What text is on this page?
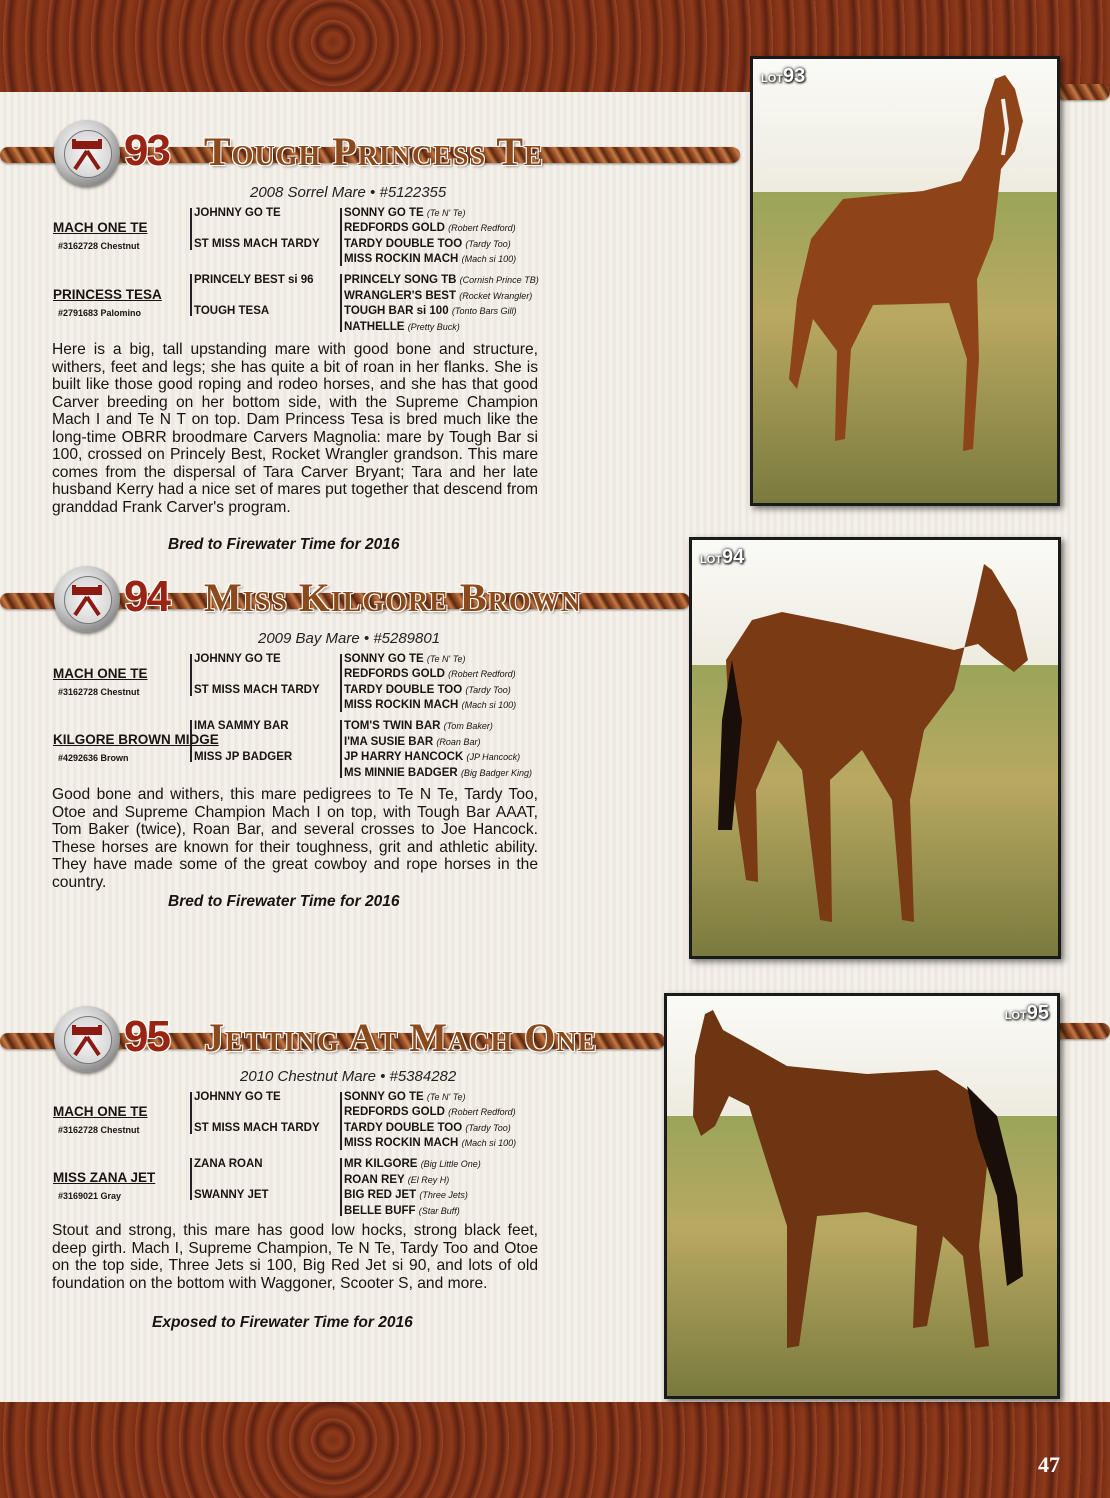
47
93 Tough Princess Te
2008 Sorrel Mare • #5122355
MACH ONE TE
#3162728 Chestnut
PRINCESS TESA
#2791683 Palomino
JOHNNY GO TE
ST MISS MACH TARDY
PRINCELY BEST si 96
TOUGH TESA
SONNY GO TE (Te N' Te)
REDFORDS GOLD (Robert Redford)
TARDY DOUBLE TOO (Tardy Too)
MISS ROCKIN MACH (Mach si 100)
PRINCELY SONG TB (Cornish Prince TB)
WRANGLER'S BEST (Rocket Wrangler)
TOUGH BAR si 100 (Tonto Bars Gill)
NATHELLE (Pretty Buck)
Here is a big, tall upstanding mare with good bone and structure, withers, feet and legs; she has quite a bit of roan in her flanks. She is built like those good roping and rodeo horses, and she has that good Carver breeding on her bottom side, with the Supreme Champion Mach I and Te N T on top. Dam Princess Tesa is bred much like the long-time OBRR broodmare Carvers Magnolia: mare by Tough Bar si 100, crossed on Princely Best, Rocket Wrangler grandson. This mare comes from the dispersal of Tara Carver Bryant; Tara and her late husband Kerry had a nice set of mares put together that descend from granddad Frank Carver's program.
Bred to Firewater Time for 2016
LOT93
94 Miss Kilgore Brown
2009 Bay Mare • #5289801
MACH ONE TE
#3162728 Chestnut
KILGORE BROWN MIDGE
#4292636 Brown
JOHNNY GO TE
ST MISS MACH TARDY
IMA SAMMY BAR
MISS JP BADGER
SONNY GO TE (Te N' Te)
REDFORDS GOLD (Robert Redford)
TARDY DOUBLE TOO (Tardy Too)
MISS ROCKIN MACH (Mach si 100)
TOM'S TWIN BAR (Tom Baker)
I'MA SUSIE BAR (Roan Bar)
JP HARRY HANCOCK (JP Hancock)
MS MINNIE BADGER (Big Badger King)
Good bone and withers, this mare pedigrees to Te N Te, Tardy Too, Otoe and Supreme Champion Mach I on top, with Tough Bar AAAT, Tom Baker (twice), Roan Bar, and several crosses to Joe Hancock. These horses are known for their toughness, grit and athletic ability. They have made some of the great cowboy and rope horses in the country.
Bred to Firewater Time for 2016
LOT94
95 Jetting At Mach One
2010 Chestnut Mare • #5384282
MACH ONE TE
#3162728 Chestnut
MISS ZANA JET
#3169021 Gray
JOHNNY GO TE
ST MISS MACH TARDY
ZANA ROAN
SWANNY JET
SONNY GO TE (Te N' Te)
REDFORDS GOLD (Robert Redford)
TARDY DOUBLE TOO (Tardy Too)
MISS ROCKIN MACH (Mach si 100)
MR KILGORE (Big Little One)
ROAN REY (El Rey H)
BIG RED JET (Three Jets)
BELLE BUFF (Star Buff)
Stout and strong, this mare has good low hocks, strong black feet, deep girth. Mach I, Supreme Champion, Te N Te, Tardy Too and Otoe on the top side, Three Jets si 100, Big Red Jet si 90, and lots of old foundation on the bottom with Waggoner, Scooter S, and more.
Exposed to Firewater Time for 2016
LOT95
